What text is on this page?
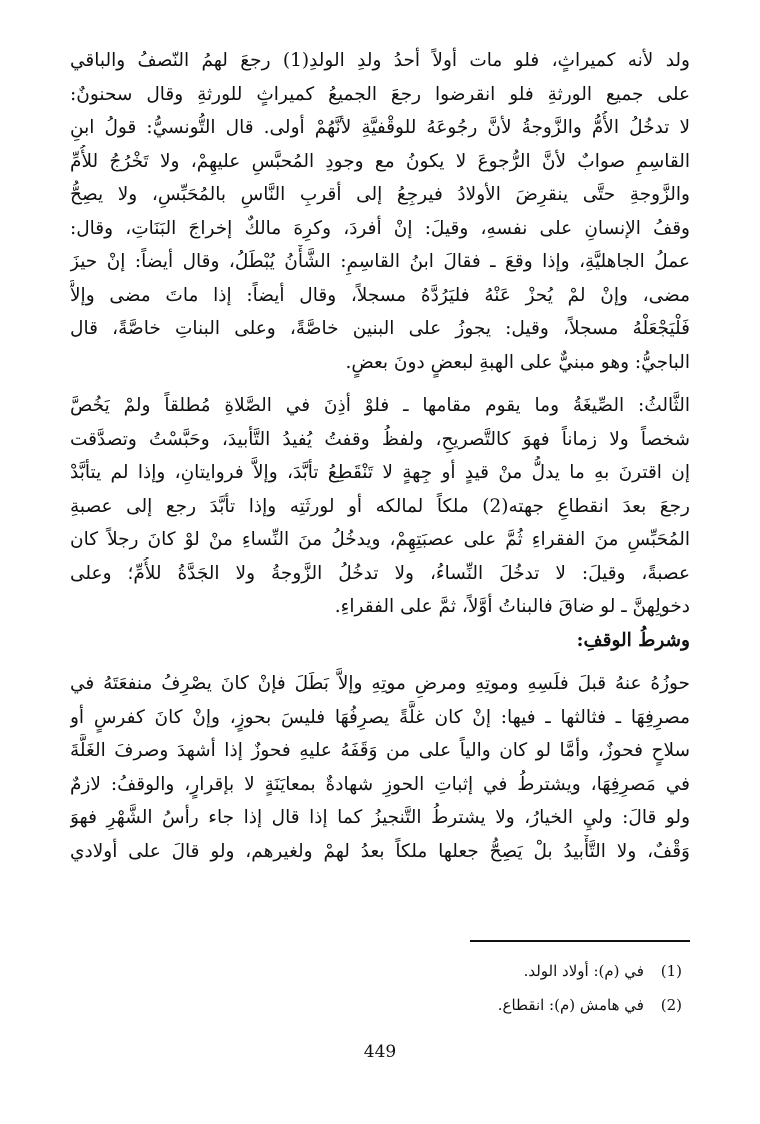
ولد لأنه كميراثٍ، فلو مات أولاً أحدُ ولدِ الولدِ(1) رجعَ لهمُ النّصفُ والباقي
على جميع الورثةِ فلو انقرضوا رجعَ الجميعُ كميراثٍ للورثةِ وقال سحنونٌ:
لا تدخُلُ الأُمُّ والزَّوجةُ لأنَّ رجُوعَهُ للوقْفيَّةِ لأنَّهُمْ أولى. قال التُّونسيُّ: قولُ ابنِ
القاسِمِ صوابٌ لأنَّ الرُّجوعَ لا يكونُ مع وجودِ المُحبَّسِ عليهِمْ، ولا تَخْرُجُ للأُمِّ
والزَّوجةِ حتَّى ينقرِضَ الأولادُ فيرجِعُ إلى أقربِ النَّاسِ بالمُحَبِّسِ، ولا يصِحُّ
وقفُ الإنسانِ على نفسهِ، وقيلَ: إنْ أفردَ، وكرِهَ مالكٌ إخراجَ البَنَاتِ، وقال:
عملُ الجاهليَّةِ، وإذا وقعَ ـ فقالَ ابنُ القاسِمِ: الشَّأْنُ يُبْطَلُ، وقال أيضاً: إنْ حيزَ
مضى، وإنْ لمْ يُحزْ عَنْهُ فليَرُدَّهُ مسجلاً، وقال أيضاً: إذا ماتَ مضى وإلاَّ
فَلْيَجْعَلْهُ مسجلاً، وقيل: يجوزُ على البنين خاصَّةً، وعلى البناتِ خاصَّةً، قال
الباجيُّ: وهو مبنيٌّ على الهبةِ لبعضٍ دونَ بعضٍ.
الثَّالثُ: الصِّيغَةُ وما يقوم مقامها ـ فلوْ أذِنَ في الصَّلاةِ مُطلقاً ولمْ يَخُصَّ
شخصاً ولا زماناً فهوَ كالتَّصريحِ، ولفظُ وقفتُ يُفيدُ التَّأبيدَ، وحَبَّسْتُ وتصدَّقت
إن اقترنَ بهِ ما يدلُّ منْ قيدٍ أو جِهةٍ لا تَنْقَطِعُ تأبَّدَ، وإلاَّ فروايتانِ، وإذا لم يتأبَّدْ
رجعَ بعدَ انقطاعِ جهته(2) ملكاً لمالكه أو لورثَتِه وإذا تأبَّدَ رجع إلى عصبةِ
المُحَبِّسِ منَ الفقراءِ ثُمَّ على عصبَتِهِمْ، ويدخُلُ منَ النِّساءِ منْ لوْ كانَ رجلاً كان
عصبةً، وقيلَ: لا تدخُلَ النِّساءُ، ولا تدخُلُ الزَّوجةُ ولا الجَدَّةُ للأُمِّ؛ وعلى
دخولِهنَّ ـ لو ضاقَ فالبناتُ أوَّلاً، ثمَّ على الفقراءِ.
وشرطُ الوقفِ:
حوزُهُ عنهُ قبلَ فلَسِهِ وموتِهِ ومرضِ موتِهِ وإلاَّ بَطَلَ فإنْ كانَ يصْرِفُ منفعَتَهُ في
مصرِفِهَا ـ فثالثها ـ فيها: إنْ كان غلَّةً يصرِفُهَا فليسَ بحوزٍ، وإنْ كانَ كفرسٍ أو
سلاحٍ فحوزٌ، وأمَّا لو كان والياً على من وَقَفَهُ عليهِ فحوزٌ إذا أشهدَ وصرفَ الغَلَّةَ
في مَصرِفِهَا، ويشترطُ في إثباتِ الحوزِ شهادةٌ بمعايَنَةٍ لا بإقرارٍ، والوقفُ: لازمٌ
ولو قالَ: وليِ الخيارُ، ولا يشترطُ التَّنجيزُ كما إذا قال إذا جاء رأسُ الشَّهْرِ فهوَ
وَقْفٌ، ولا التَّأْبيدُ بلْ يَصِحُّ جعلها ملكاً بعدُ لهمْ ولغيرهم، ولو قالَ على أولادي
(1) في (م): أولاد الولد.
(2) في هامش (م): انقطاع.
449
